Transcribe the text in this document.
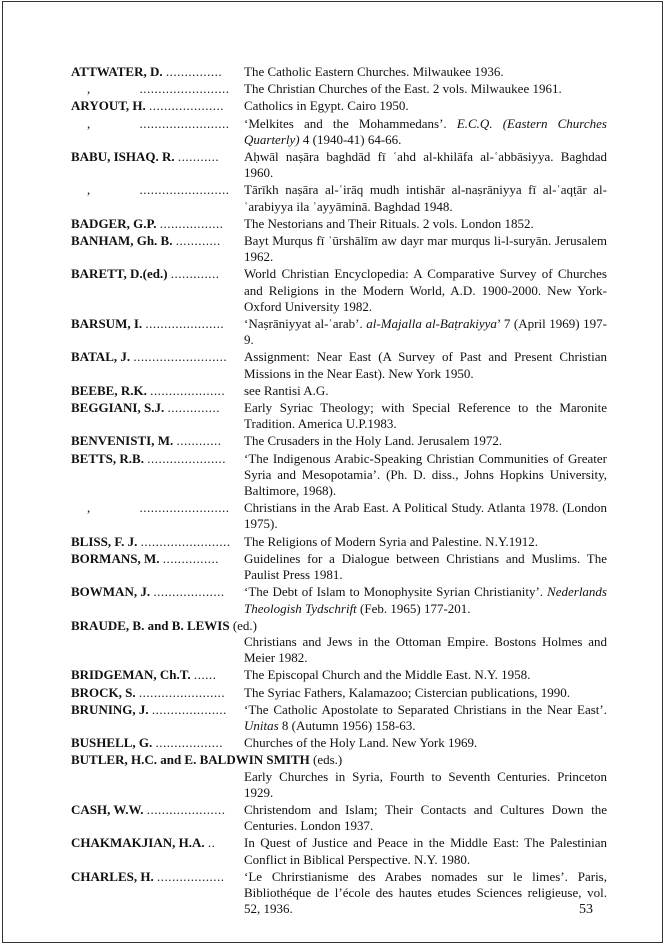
ATTWATER, D. ...............	The Catholic Eastern Churches. Milwaukee 1936.
,	........................	The Christian Churches of the East. 2 vols. Milwaukee 1961.
ARYOUT, H. ....................	Catholics in Egypt. Cairo 1950.
,	........................	‘Melkites and the Mohammedans’. E.C.Q. (Eastern Churches Quarterly) 4 (1940-41) 64-66.
BABU, ISHAQ. R. ...........	Aḥwāl naṣāra baghdād fī ʿahd al-khilāfa al-ʿabbāsiyya. Baghdad 1960.
,	........................	Tārīkh naṣāra al-ʿirāq mudh intishār al-naṣrāniyya fī al-ʿaqṭār al-ʿarabiyya ila ʾayyāminā. Baghdad 1948.
BADGER, G.P. .................	The Nestorians and Their Rituals. 2 vols. London 1852.
BANHAM, Gh. B. ............	Bayt Murqus fī ʾūrshālīm aw dayr mar murqus li-l-suryān. Jerusalem 1962.
BARETT, D.(ed.) .............	World Christian Encyclopedia: A Comparative Survey of Churches and Religions in the Modern World, A.D. 1900-2000. New York-Oxford University 1982.
BARSUM, I. .....................	‘Naṣrāniyyat al-ʿarab’. al-Majalla al-Baṭrakiyya’ 7 (April 1969) 197-9.
BATAL, J. .........................	Assignment: Near East (A Survey of Past and Present Christian Missions in the Near East). New York 1950.
BEEBE, R.K. ....................	see Rantisi A.G.
BEGGIANI, S.J. ..............	Early Syriac Theology; with Special Reference to the Maronite Tradition. America U.P.1983.
BENVENISTI, M. ............	The Crusaders in the Holy Land. Jerusalem 1972.
BETTS, R.B. .....................	‘The Indigenous Arabic-Speaking Christian Communities of Greater Syria and Mesopotamia’. (Ph. D. diss., Johns Hopkins University, Baltimore, 1968).
,	........................	Christians in the Arab East. A Political Study. Atlanta 1978. (London 1975).
BLISS, F. J. ........................	The Religions of Modern Syria and Palestine. N.Y.1912.
BORMANS, M. ...............	Guidelines for a Dialogue between Christians and Muslims. The Paulist Press 1981.
BOWMAN, J. ...................	‘The Debt of Islam to Monophysite Syrian Christianity’. Nederlands Theologish Tydschrift (Feb. 1965) 177-201.
BRAUDE, B. and B. LEWIS (ed.)
Christians and Jews in the Ottoman Empire. Bostons Holmes and Meier 1982.
BRIDGEMAN, Ch.T. ......	The Episcopal Church and the Middle East. N.Y. 1958.
BROCK, S. .......................	The Syriac Fathers, Kalamazoo; Cistercian publications, 1990.
BRUNING, J. ....................	‘The Catholic Apostolate to Separated Christians in the Near East’. Unitas 8 (Autumn 1956) 158-63.
BUSHELL, G. ..................	Churches of the Holy Land. New York 1969.
BUTLER, H.C. and E. BALDWIN SMITH (eds.)
Early Churches in Syria, Fourth to Seventh Centuries. Princeton 1929.
CASH, W.W. .....................	Christendom and Islam; Their Contacts and Cultures Down the Centuries. London 1937.
CHAKMAKJIAN, H.A. ..	In Quest of Justice and Peace in the Middle East: The Palestinian Conflict in Biblical Perspective. N.Y. 1980.
CHARLES, H. ..................	‘Le Chrirstianisme des Arabes nomades sur le limes’. Paris, Bibliothéque de l’école des hautes etudes Sciences religieuse, vol. 52, 1936.	53
